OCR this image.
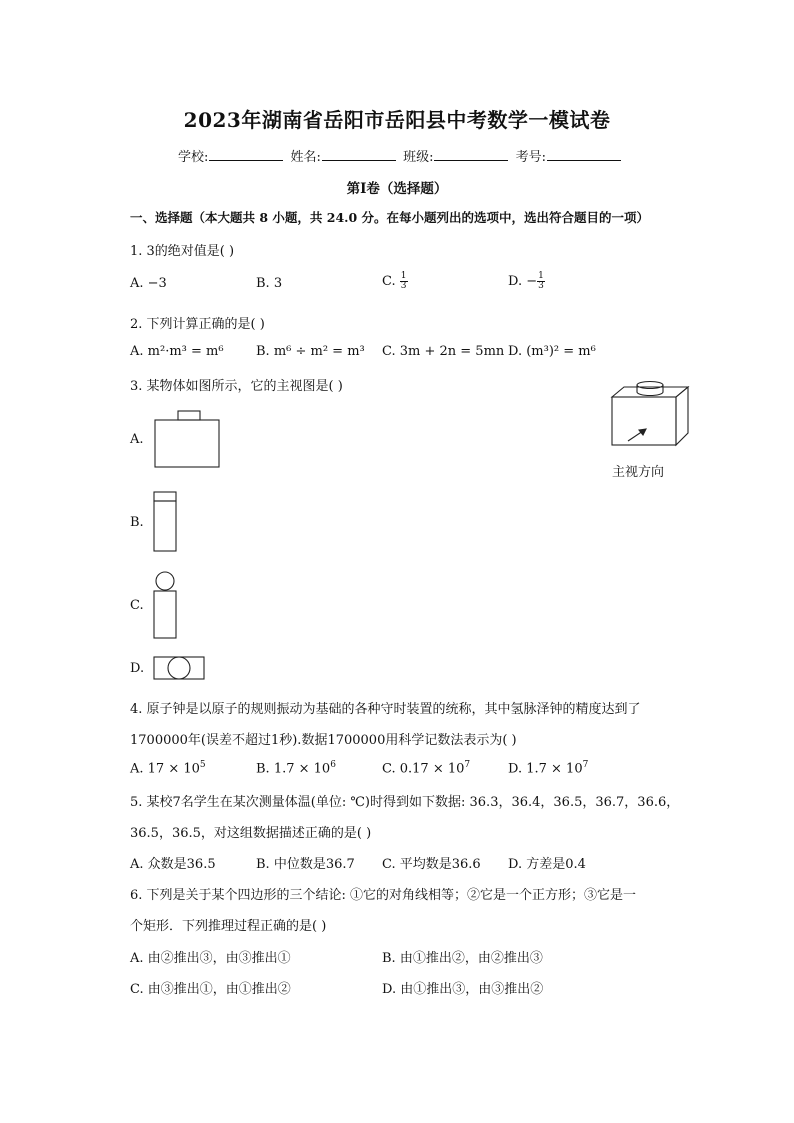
2023年湖南省岳阳市岳阳县中考数学一模试卷
学校:	姓名:	班级:	考号:
第I卷（选择题）
一、选择题（本大题共 8 小题，共 24.0 分。在每小题列出的选项中，选出符合题目的一项）
1. 3的绝对值是( )
A. −3	B. 3	C. $\frac{1}{3}$	D. − $\frac{1}{3}$
2. 下列计算正确的是( )
A. m²·m³ = m⁶ B. m⁶ ÷ m² = m³ C. 3m + 2n = 5mn D. (m³)² = m⁶
3. 某物体如图所示，它的主视图是( )
主视方向
A.
B.
C.
D.
4. 原子钟是以原子的规则振动为基础的各种守时装置的统称，其中氢脉泽钟的精度达到了
1700000年(误差不超过1秒).数据1700000用科学记数法表示为( )
A. $17 \times 10^5$	B. $1.7 \times 10^6$	C. $0.17 \times 10^7$	D. $1.7 \times 10^7$
5. 某校7名学生在某次测量体温(单位: ℃)时得到如下数据: 36.3，36.4，36.5，36.7，36.6，
36.5，36.5，对这组数据描述正确的是( )
A. 众数是36.5	B. 中位数是36.7 C. 平均数是36.6 D. 方差是0.4
6. 下列是关于某个四边形的三个结论: ①它的对角线相等；②它是一个正方形；③它是一
个矩形．下列推理过程正确的是( )
A. 由②推出③，由③推出①	B. 由①推出②，由②推出③
C. 由③推出①，由①推出②	D. 由①推出③，由③推出②
